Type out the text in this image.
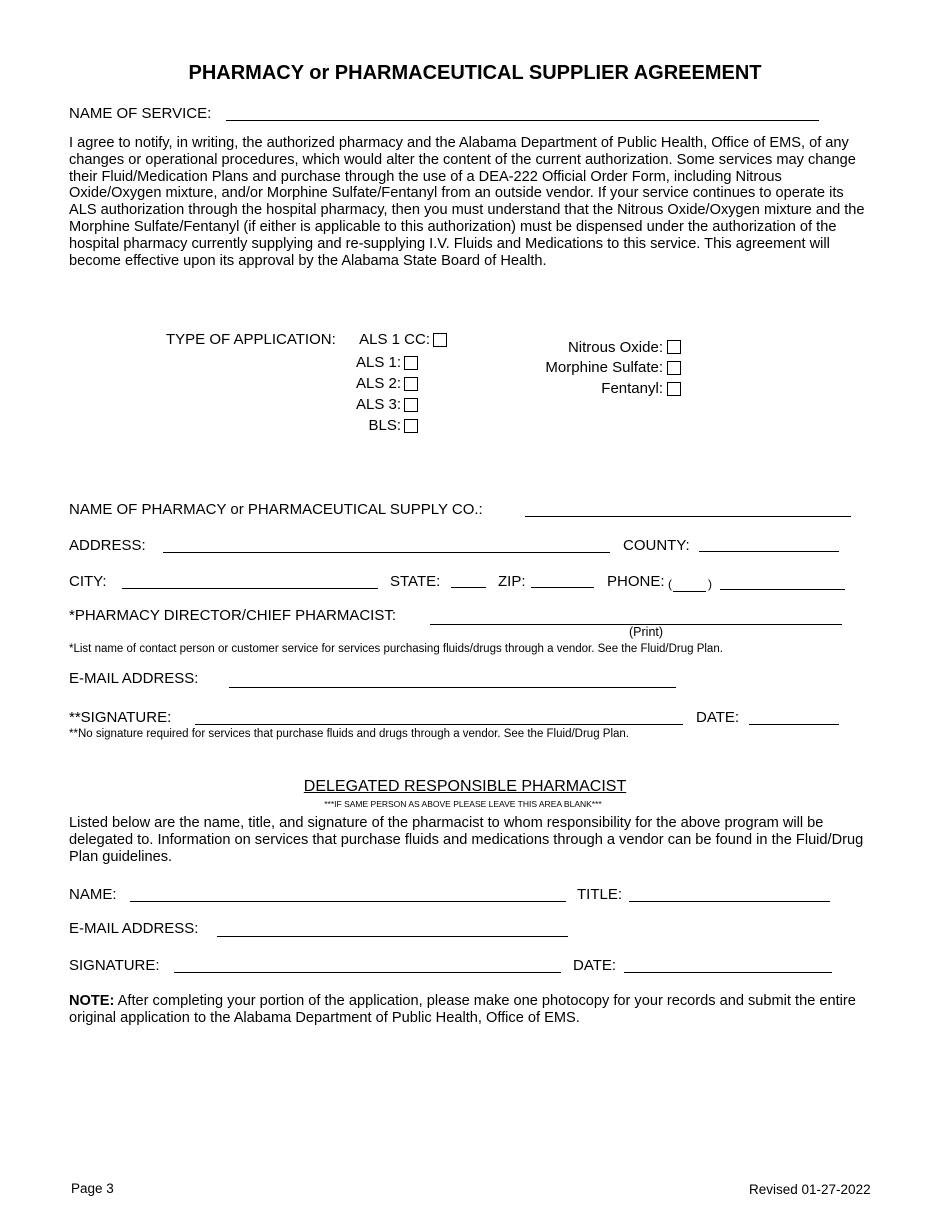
PHARMACY or PHARMACEUTICAL SUPPLIER AGREEMENT
NAME OF SERVICE:
I agree to notify, in writing, the authorized pharmacy and the Alabama Department of Public Health, Office of EMS, of any changes or operational procedures, which would alter the content of the current authorization. Some services may change their Fluid/Medication Plans and purchase through the use of a DEA-222 Official Order Form, including Nitrous Oxide/Oxygen mixture, and/or Morphine Sulfate/Fentanyl from an outside vendor. If your service continues to operate its ALS authorization through the hospital pharmacy, then you must understand that the Nitrous Oxide/Oxygen mixture and the Morphine Sulfate/Fentanyl (if either is applicable to this authorization) must be dispensed under the authorization of the hospital pharmacy currently supplying and re-supplying I.V. Fluids and Medications to this service. This agreement will become effective upon its approval by the Alabama State Board of Health.
TYPE OF APPLICATION:	ALS 1 CC:
ALS 1:
ALS 2:
ALS 3:
BLS:
Nitrous Oxide:
Morphine Sulfate:
Fentanyl:
NAME OF PHARMACY or PHARMACEUTICAL SUPPLY CO.:
ADDRESS:	COUNTY:
CITY:	STATE:	ZIP:	PHONE: (	)
*PHARMACY DIRECTOR/CHIEF PHARMACIST:
(Print)
*List name of contact person or customer service for services purchasing fluids/drugs through a vendor. See the Fluid/Drug Plan.
E-MAIL ADDRESS:
**SIGNATURE:	DATE:
**No signature required for services that purchase fluids and drugs through a vendor. See the Fluid/Drug Plan.
DELEGATED RESPONSIBLE PHARMACIST
***IF SAME PERSON AS ABOVE PLEASE LEAVE THIS AREA BLANK***
Listed below are the name, title, and signature of the pharmacist to whom responsibility for the above program will be delegated to. Information on services that purchase fluids and medications through a vendor can be found in the Fluid/Drug Plan guidelines.
NAME:	TITLE:
E-MAIL ADDRESS:
SIGNATURE:	DATE:
NOTE: After completing your portion of the application, please make one photocopy for your records and submit the entire original application to the Alabama Department of Public Health, Office of EMS.
Page 3	Revised 01-27-2022
